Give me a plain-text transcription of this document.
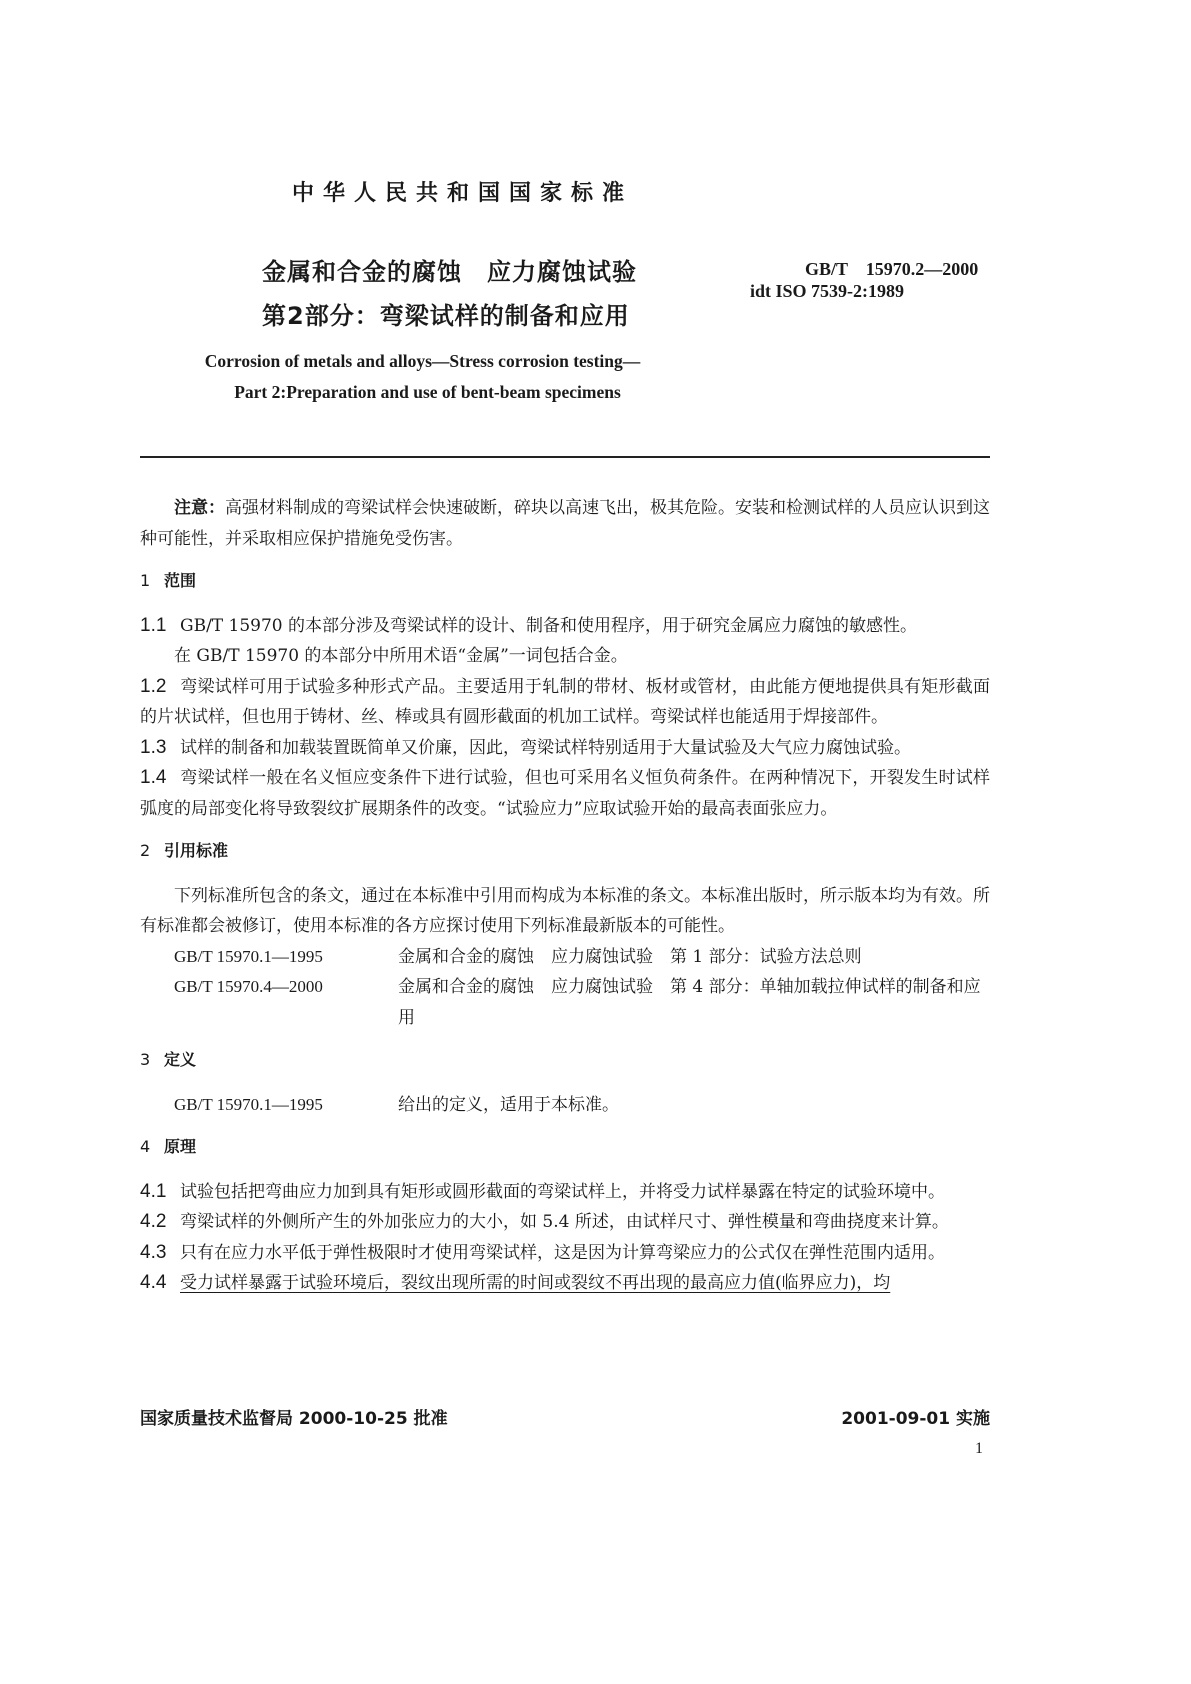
中华人民共和国国家标准
金属和合金的腐蚀　应力腐蚀试验
第2部分：弯梁试样的制备和应用
GB/T　15970.2—2000
idt ISO 7539-2:1989
Corrosion of metals and alloys—Stress corrosion testing—
Part 2:Preparation and use of bent-beam specimens

注意：高强材料制成的弯梁试样会快速破断，碎块以高速飞出，极其危险。安装和检测试样的人员应认识到这种可能性，并采取相应保护措施免受伤害。

1 范围

1.1 GB/T 15970 的本部分涉及弯梁试样的设计、制备和使用程序，用于研究金属应力腐蚀的敏感性。

在 GB/T 15970 的本部分中所用术语“金属”一词包括合金。

1.2 弯梁试样可用于试验多种形式产品。主要适用于轧制的带材、板材或管材，由此能方便地提供具有矩形截面的片状试样，但也用于铸材、丝、棒或具有圆形截面的机加工试样。弯梁试样也能适用于焊接部件。

1.3 试样的制备和加载装置既简单又价廉，因此，弯梁试样特别适用于大量试验及大气应力腐蚀试验。

1.4 弯梁试样一般在名义恒应变条件下进行试验，但也可采用名义恒负荷条件。在两种情况下，开裂发生时试样弧度的局部变化将导致裂纹扩展期条件的改变。“试验应力”应取试验开始的最高表面张应力。

2 引用标准

下列标准所包含的条文，通过在本标准中引用而构成为本标准的条文。本标准出版时，所示版本均为有效。所有标准都会被修订，使用本标准的各方应探讨使用下列标准最新版本的可能性。

GB/T 15970.1—1995	金属和合金的腐蚀　应力腐蚀试验　第 1 部分：试验方法总则
GB/T 15970.4—2000	金属和合金的腐蚀　应力腐蚀试验　第 4 部分：单轴加载拉伸试样的制备和应用
3 定义
GB/T 15970.1—1995	给出的定义，适用于本标准。
4 原理

4.1 试验包括把弯曲应力加到具有矩形或圆形截面的弯梁试样上，并将受力试样暴露在特定的试验环境中。

4.2 弯梁试样的外侧所产生的外加张应力的大小，如 5.4 所述，由试样尺寸、弹性模量和弯曲挠度来计算。

4.3 只有在应力水平低于弹性极限时才使用弯梁试样，这是因为计算弯梁应力的公式仅在弹性范围内适用。

4.4 受力试样暴露于试验环境后，裂纹出现所需的时间或裂纹不再出现的最高应力值(临界应力)，均

国家质量技术监督局 2000-10-25 批准	2001-09-01 实施
1
